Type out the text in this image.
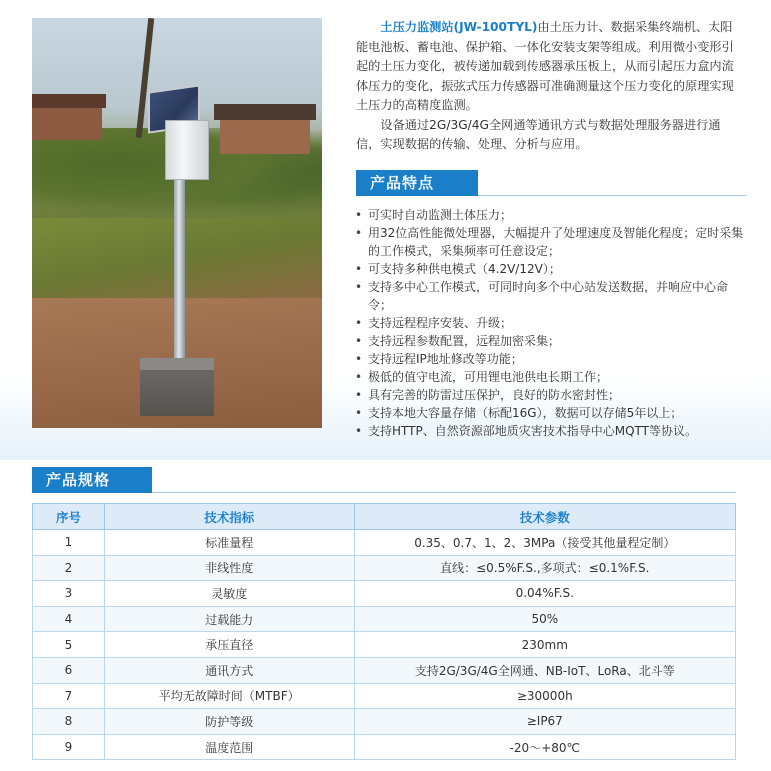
土压力监测站(JW-100TYL)由土压力计、数据采集终端机、太阳能电池板、蓄电池、保护箱、一体化安装支架等组成。利用微小变形引起的土压力变化，被传递加载到传感器承压板上，从而引起压力盒内流体压力的变化，振弦式压力传感器可准确测量这个压力变化的原理实现土压力的高精度监测。

设备通过2G/3G/4G全网通等通讯方式与数据处理服务器进行通信，实现数据的传输、处理、分析与应用。

产品特点
• 可实时自动监测土体压力；
• 用32位高性能微处理器，大幅提升了处理速度及智能化程度；定时采集的工作模式，采集频率可任意设定；
• 可支持多种供电模式（4.2V/12V）；
• 支持多中心工作模式，可同时向多个中心站发送数据，并响应中心命令；
• 支持远程程序安装、升级；
• 支持远程参数配置，远程加密采集；
• 支持远程IP地址修改等功能；
• 极低的值守电流，可用锂电池供电长期工作；
• 具有完善的防雷过压保护，良好的防水密封性；
• 支持本地大容量存储（标配16G），数据可以存储5年以上；
• 支持HTTP、自然资源部地质灾害技术指导中心MQTT等协议。
产品规格
序号	技术指标	技术参数
1	标准量程	0.35、0.7、1、2、3MPa（接受其他量程定制）
2	非线性度	直线：≤0.5%F.S.,多项式：≤0.1%F.S.
3	灵敏度	0.04%F.S.
4	过载能力	50%
5	承压直径	230mm
6	通讯方式	支持2G/3G/4G全网通、NB-IoT、LoRa、北斗等
7	平均无故障时间（MTBF）	≥30000h
8	防护等级	≥IP67
9	温度范围	-20～+80℃
